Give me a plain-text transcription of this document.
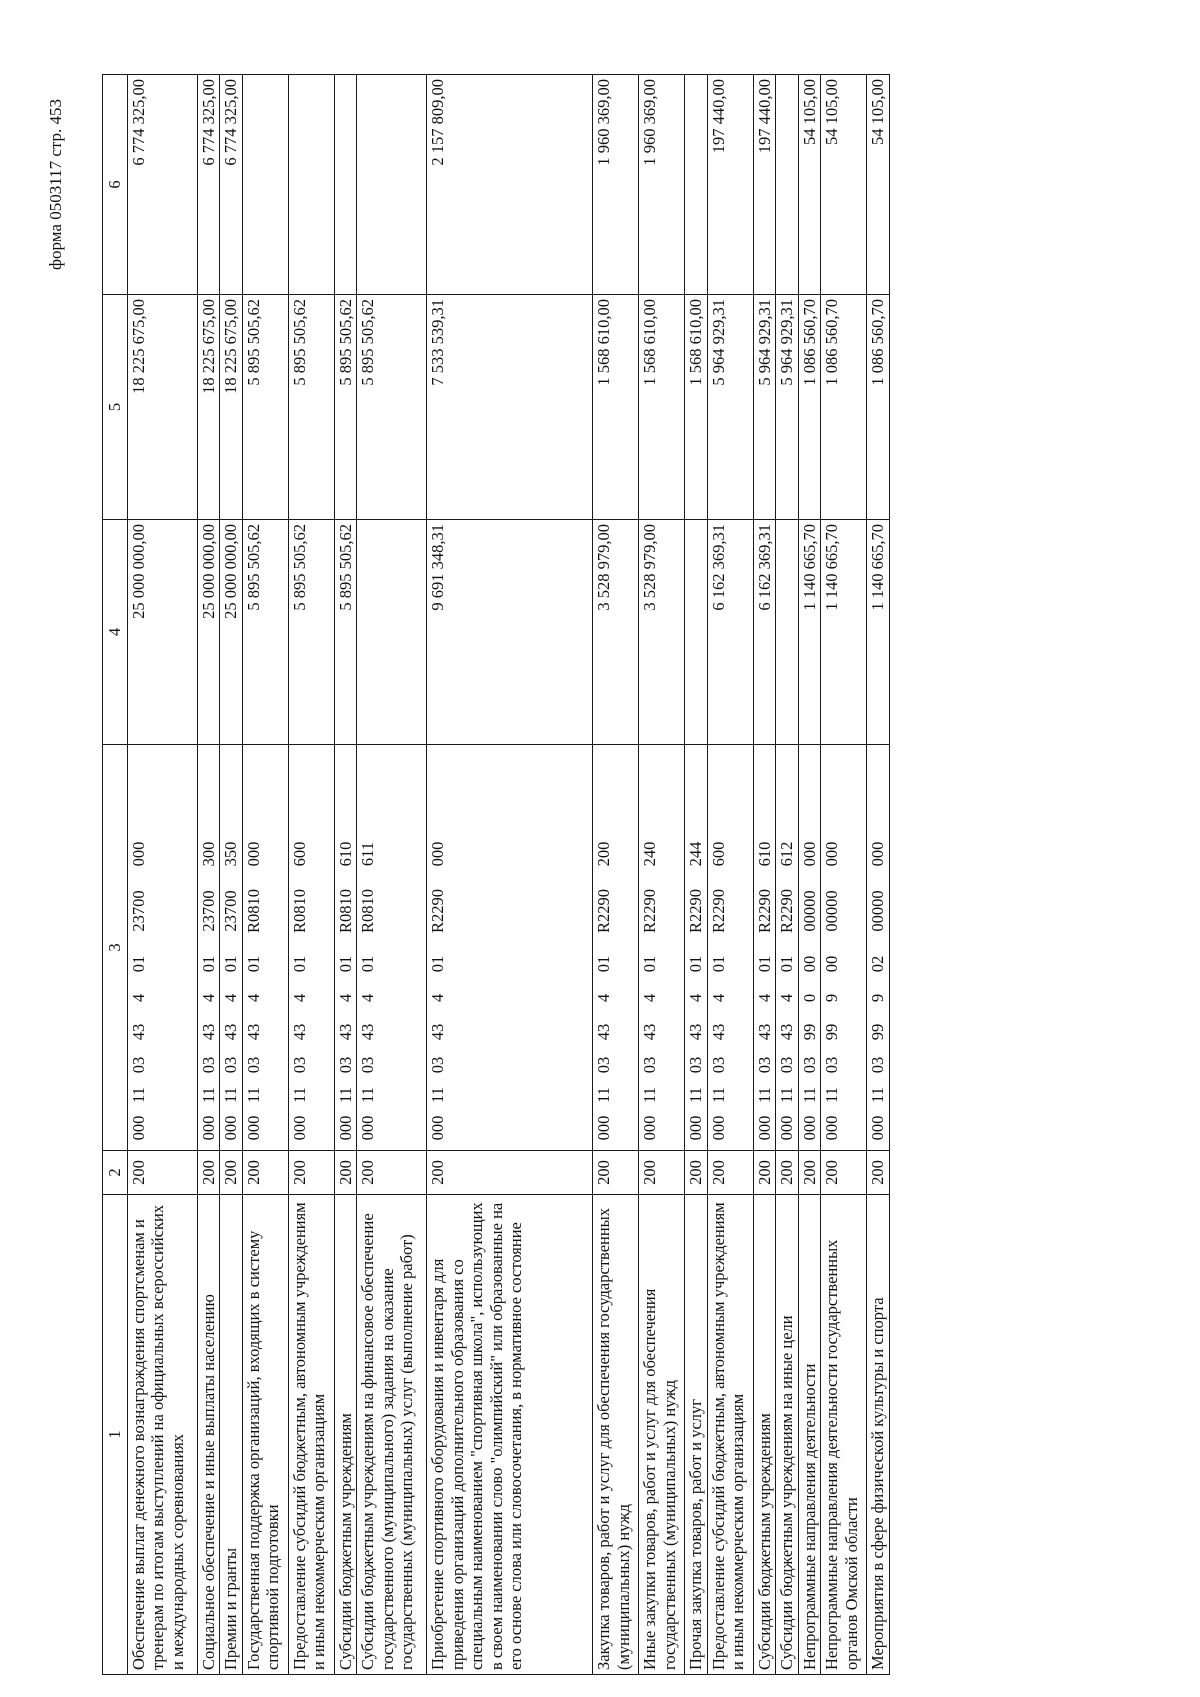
форма 0503117 стр. 453
1	2	3	4	5	6
Обеспечение выплат денежного вознаграждения спортсменам и тренерам по итогам выступлений на официальных всероссийских и международных соревнованиях	200	00011034340123700000	25 000 000,00	18 225 675,00	6 774 325,00
Социальное обеспечение и иные выплаты населению	200	00011034340123700300	25 000 000,00	18 225 675,00	6 774 325,00
Премии и гранты	200	00011034340123700350	25 000 000,00	18 225 675,00	6 774 325,00
Государственная поддержка организаций, входящих в систему спортивной подготовки	200	000110343401R0810000	5 895 505,62	5 895 505,62	
Предоставление субсидий бюджетным, автономным учреждениям и иным некоммерческим организациям	200	000110343401R0810600	5 895 505,62	5 895 505,62	
Субсидии бюджетным учреждениям	200	000110343401R0810610	5 895 505,62	5 895 505,62	
Субсидии бюджетным учреждениям на финансовое обеспечение государственного (муниципального) задания на оказание государственных (муниципальных) услуг (выполнение работ)	200	000110343401R0810611		5 895 505,62	
Приобретение спортивного оборудования и инвентаря для приведения организаций дополнительного образования со специальным наименованием "спортивная школа", использующих в своем наименовании слово "олимпийский" или образованные на его основе слова или словосочетания, в нормативное состояние	200	000110343401R2290000	9 691 348,31	7 533 539,31	2 157 809,00
Закупка товаров, работ и услуг для обеспечения государственных (муниципальных) нужд	200	000110343401R2290200	3 528 979,00	1 568 610,00	1 960 369,00
Иные закупки товаров, работ и услуг для обеспечения государственных (муниципальных) нужд	200	000110343401R2290240	3 528 979,00	1 568 610,00	1 960 369,00
Прочая закупка товаров, работ и услуг	200	000110343401R2290244		1 568 610,00	
Предоставление субсидий бюджетным, автономным учреждениям и иным некоммерческим организациям	200	000110343401R2290600	6 162 369,31	5 964 929,31	197 440,00
Субсидии бюджетным учреждениям	200	000110343401R2290610	6 162 369,31	5 964 929,31	197 440,00
Субсидии бюджетным учреждениям на иные цели	200	000110343401R2290612		5 964 929,31	
Непрограммные направления деятельности	200	00011039900000000000	1 140 665,70	1 086 560,70	54 105,00
Непрограммные направления деятельности государственных органов Омской области	200	00011039990000000000	1 140 665,70	1 086 560,70	54 105,00
Мероприятия в сфере физической культуры и спорта	200	00011039990200000000	1 140 665,70	1 086 560,70	54 105,00
